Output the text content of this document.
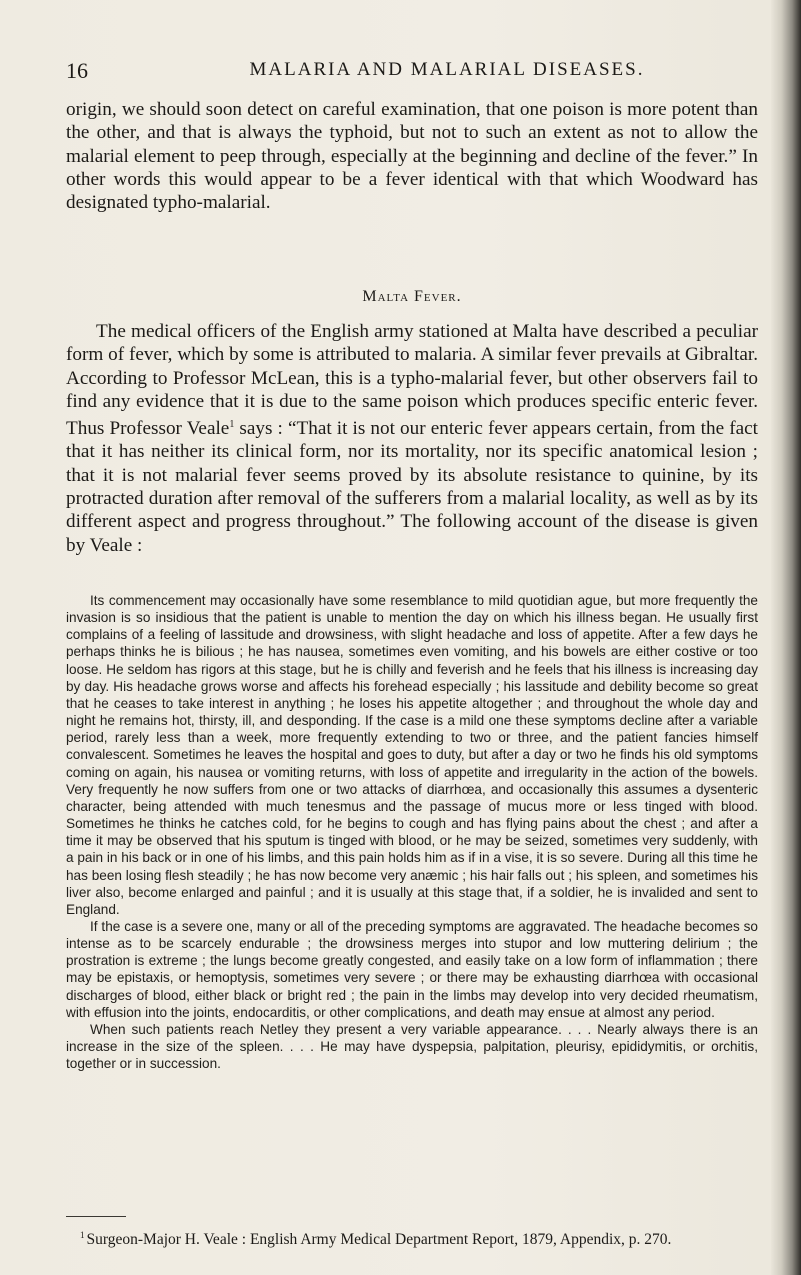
16	MALARIA AND MALARIAL DISEASES.

origin, we should soon detect on careful examination, that one poison is more potent than the other, and that is always the typhoid, but not to such an extent as not to allow the malarial element to peep through, especially at the beginning and decline of the fever.” In other words this would appear to be a fever identical with that which Woodward has designated typho-malarial.

Malta Fever.

The medical officers of the English army stationed at Malta have described a peculiar form of fever, which by some is attributed to malaria. A similar fever prevails at Gibraltar. According to Professor McLean, this is a typho-malarial fever, but other observers fail to find any evidence that it is due to the same poison which produces specific enteric fever. Thus Professor Veale$^1$ says : “That it is not our enteric fever appears certain, from the fact that it has neither its clinical form, nor its mortality, nor its specific anatomical lesion ; that it is not malarial fever seems proved by its absolute resistance to quinine, by its protracted duration after removal of the sufferers from a malarial locality, as well as by its different aspect and progress throughout.” The following account of the disease is given by Veale :

Its commencement may occasionally have some resemblance to mild quotidian ague, but more frequently the invasion is so insidious that the patient is unable to mention the day on which his illness began. He usually first complains of a feeling of lassitude and drowsiness, with slight headache and loss of appetite. After a few days he perhaps thinks he is bilious ; he has nausea, sometimes even vomiting, and his bowels are either costive or too loose. He seldom has rigors at this stage, but he is chilly and feverish and he feels that his illness is increasing day by day. His headache grows worse and affects his forehead especially ; his lassitude and debility become so great that he ceases to take interest in anything ; he loses his appetite altogether ; and throughout the whole day and night he remains hot, thirsty, ill, and desponding. If the case is a mild one these symptoms decline after a variable period, rarely less than a week, more frequently extending to two or three, and the patient fancies himself convalescent. Sometimes he leaves the hospital and goes to duty, but after a day or two he finds his old symptoms coming on again, his nausea or vomiting returns, with loss of appetite and irregularity in the action of the bowels. Very frequently he now suffers from one or two attacks of diarrhœa, and occasionally this assumes a dysenteric character, being attended with much tenesmus and the passage of mucus more or less tinged with blood. Sometimes he thinks he catches cold, for he begins to cough and has flying pains about the chest ; and after a time it may be observed that his sputum is tinged with blood, or he may be seized, sometimes very suddenly, with a pain in his back or in one of his limbs, and this pain holds him as if in a vise, it is so severe. During all this time he has been losing flesh steadily ; he has now become very anæmic ; his hair falls out ; his spleen, and sometimes his liver also, become enlarged and painful ; and it is usually at this stage that, if a soldier, he is invalided and sent to England.

If the case is a severe one, many or all of the preceding symptoms are aggravated. The headache becomes so intense as to be scarcely endurable ; the drowsiness merges into stupor and low muttering delirium ; the prostration is extreme ; the lungs become greatly congested, and easily take on a low form of inflammation ; there may be epistaxis, or hemoptysis, sometimes very severe ; or there may be exhausting diarrhœa with occasional discharges of blood, either black or bright red ; the pain in the limbs may develop into very decided rheumatism, with effusion into the joints, endocarditis, or other complications, and death may ensue at almost any period.

When such patients reach Netley they present a very variable appearance. . . . Nearly always there is an increase in the size of the spleen. . . . He may have dyspepsia, palpitation, pleurisy, epididymitis, or orchitis, together or in succession.

$^1$ Surgeon-Major H. Veale : English Army Medical Department Report, 1879, Appendix, p. 270.
